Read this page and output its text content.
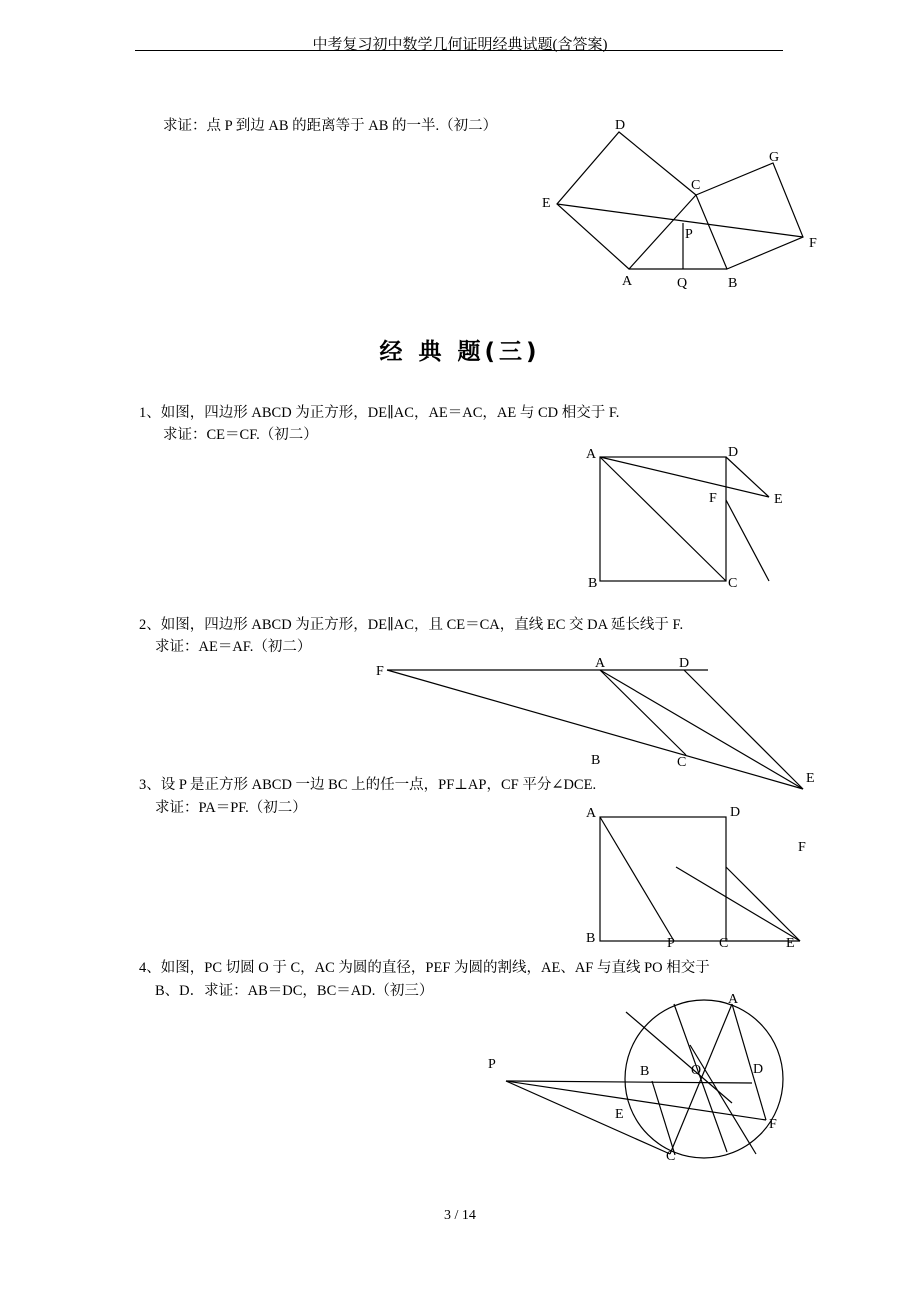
中考复习初中数学几何证明经典试题(含答案)
求证：点 P 到边 AB 的距离等于 AB 的一半.（初二）
经 典 题(三)
1、如图，四边形 ABCD 为正方形，DE∥AC，AE＝AC，AE 与 CD 相交于 F.
求证：CE＝CF.（初二）
2、如图，四边形 ABCD 为正方形，DE∥AC，且 CE＝CA，直线 EC 交 DA 延长线于 F.
求证：AE＝AF.（初二）
3、设 P 是正方形 ABCD 一边 BC 上的任一点，PF⊥AP，CF 平分∠DCE.
求证：PA＝PF.（初二）
4、如图，PC 切圆 O 于 C，AC 为圆的直径，PEF 为圆的割线，AE、AF 与直线 PO 相交于
B、D．求证：AB＝DC，BC＝AD.（初三）
D
G
C
E
P
F
A	Q	B
A	D
F	E
B	C
F
A	D
B	C
E
A	D
F
B	P	C	E
A
P	B	O	D
E
F
C
3 / 14
